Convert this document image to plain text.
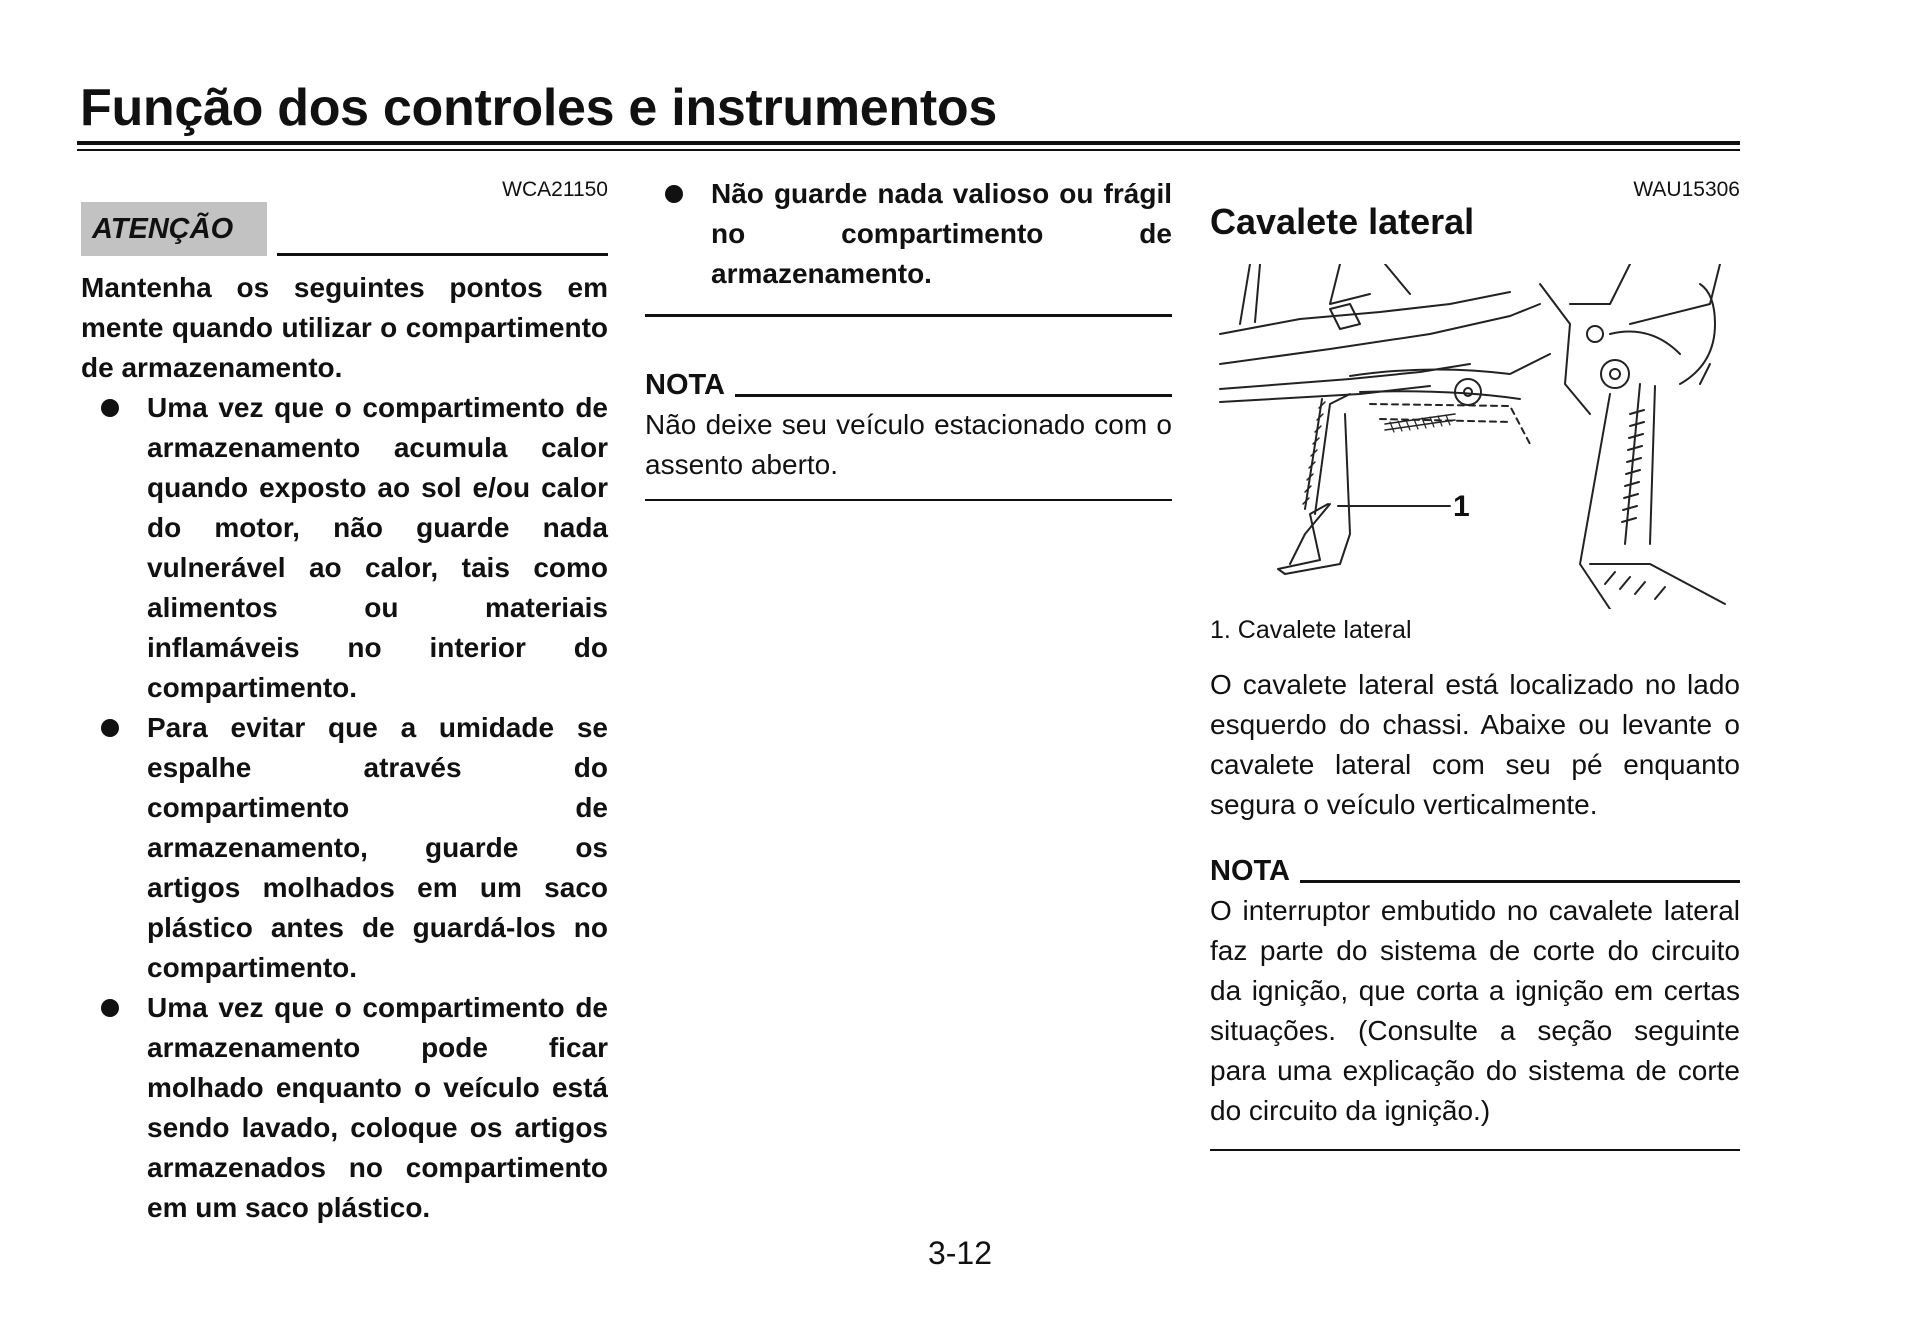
Função dos controles e instrumentos
WCA21150
ATENÇÃO

Mantenha os seguintes pontos em mente quando utilizar o compartimento de armazenamento.

Uma vez que o compartimento de armazenamento acumula calor quando exposto ao sol e/ou calor do motor, não guarde nada vulnerável ao calor, tais como alimentos ou materiais inflamáveis no interior do compartimento.
Para evitar que a umidade se espalhe através do compartimento de armazenamento, guarde os artigos molhados em um saco plástico antes de guardá-los no compartimento.
Uma vez que o compartimento de armazenamento pode ficar molhado enquanto o veículo está sendo lavado, coloque os artigos armazenados no compartimento em um saco plástico.
Não guarde nada valioso ou frágil no compartimento de armazenamento.
NOTA

Não deixe seu veículo estacionado com o assento aberto.

WAU15306
Cavalete lateral
1

1. Cavalete lateral

O cavalete lateral está localizado no lado esquerdo do chassi. Abaixe ou levante o cavalete lateral com seu pé enquanto segura o veículo verticalmente.

NOTA

O interruptor embutido no cavalete lateral faz parte do sistema de corte do circuito da ignição, que corta a ignição em certas situações. (Consulte a seção seguinte para uma explicação do sistema de corte do circuito da ignição.)

3-12
